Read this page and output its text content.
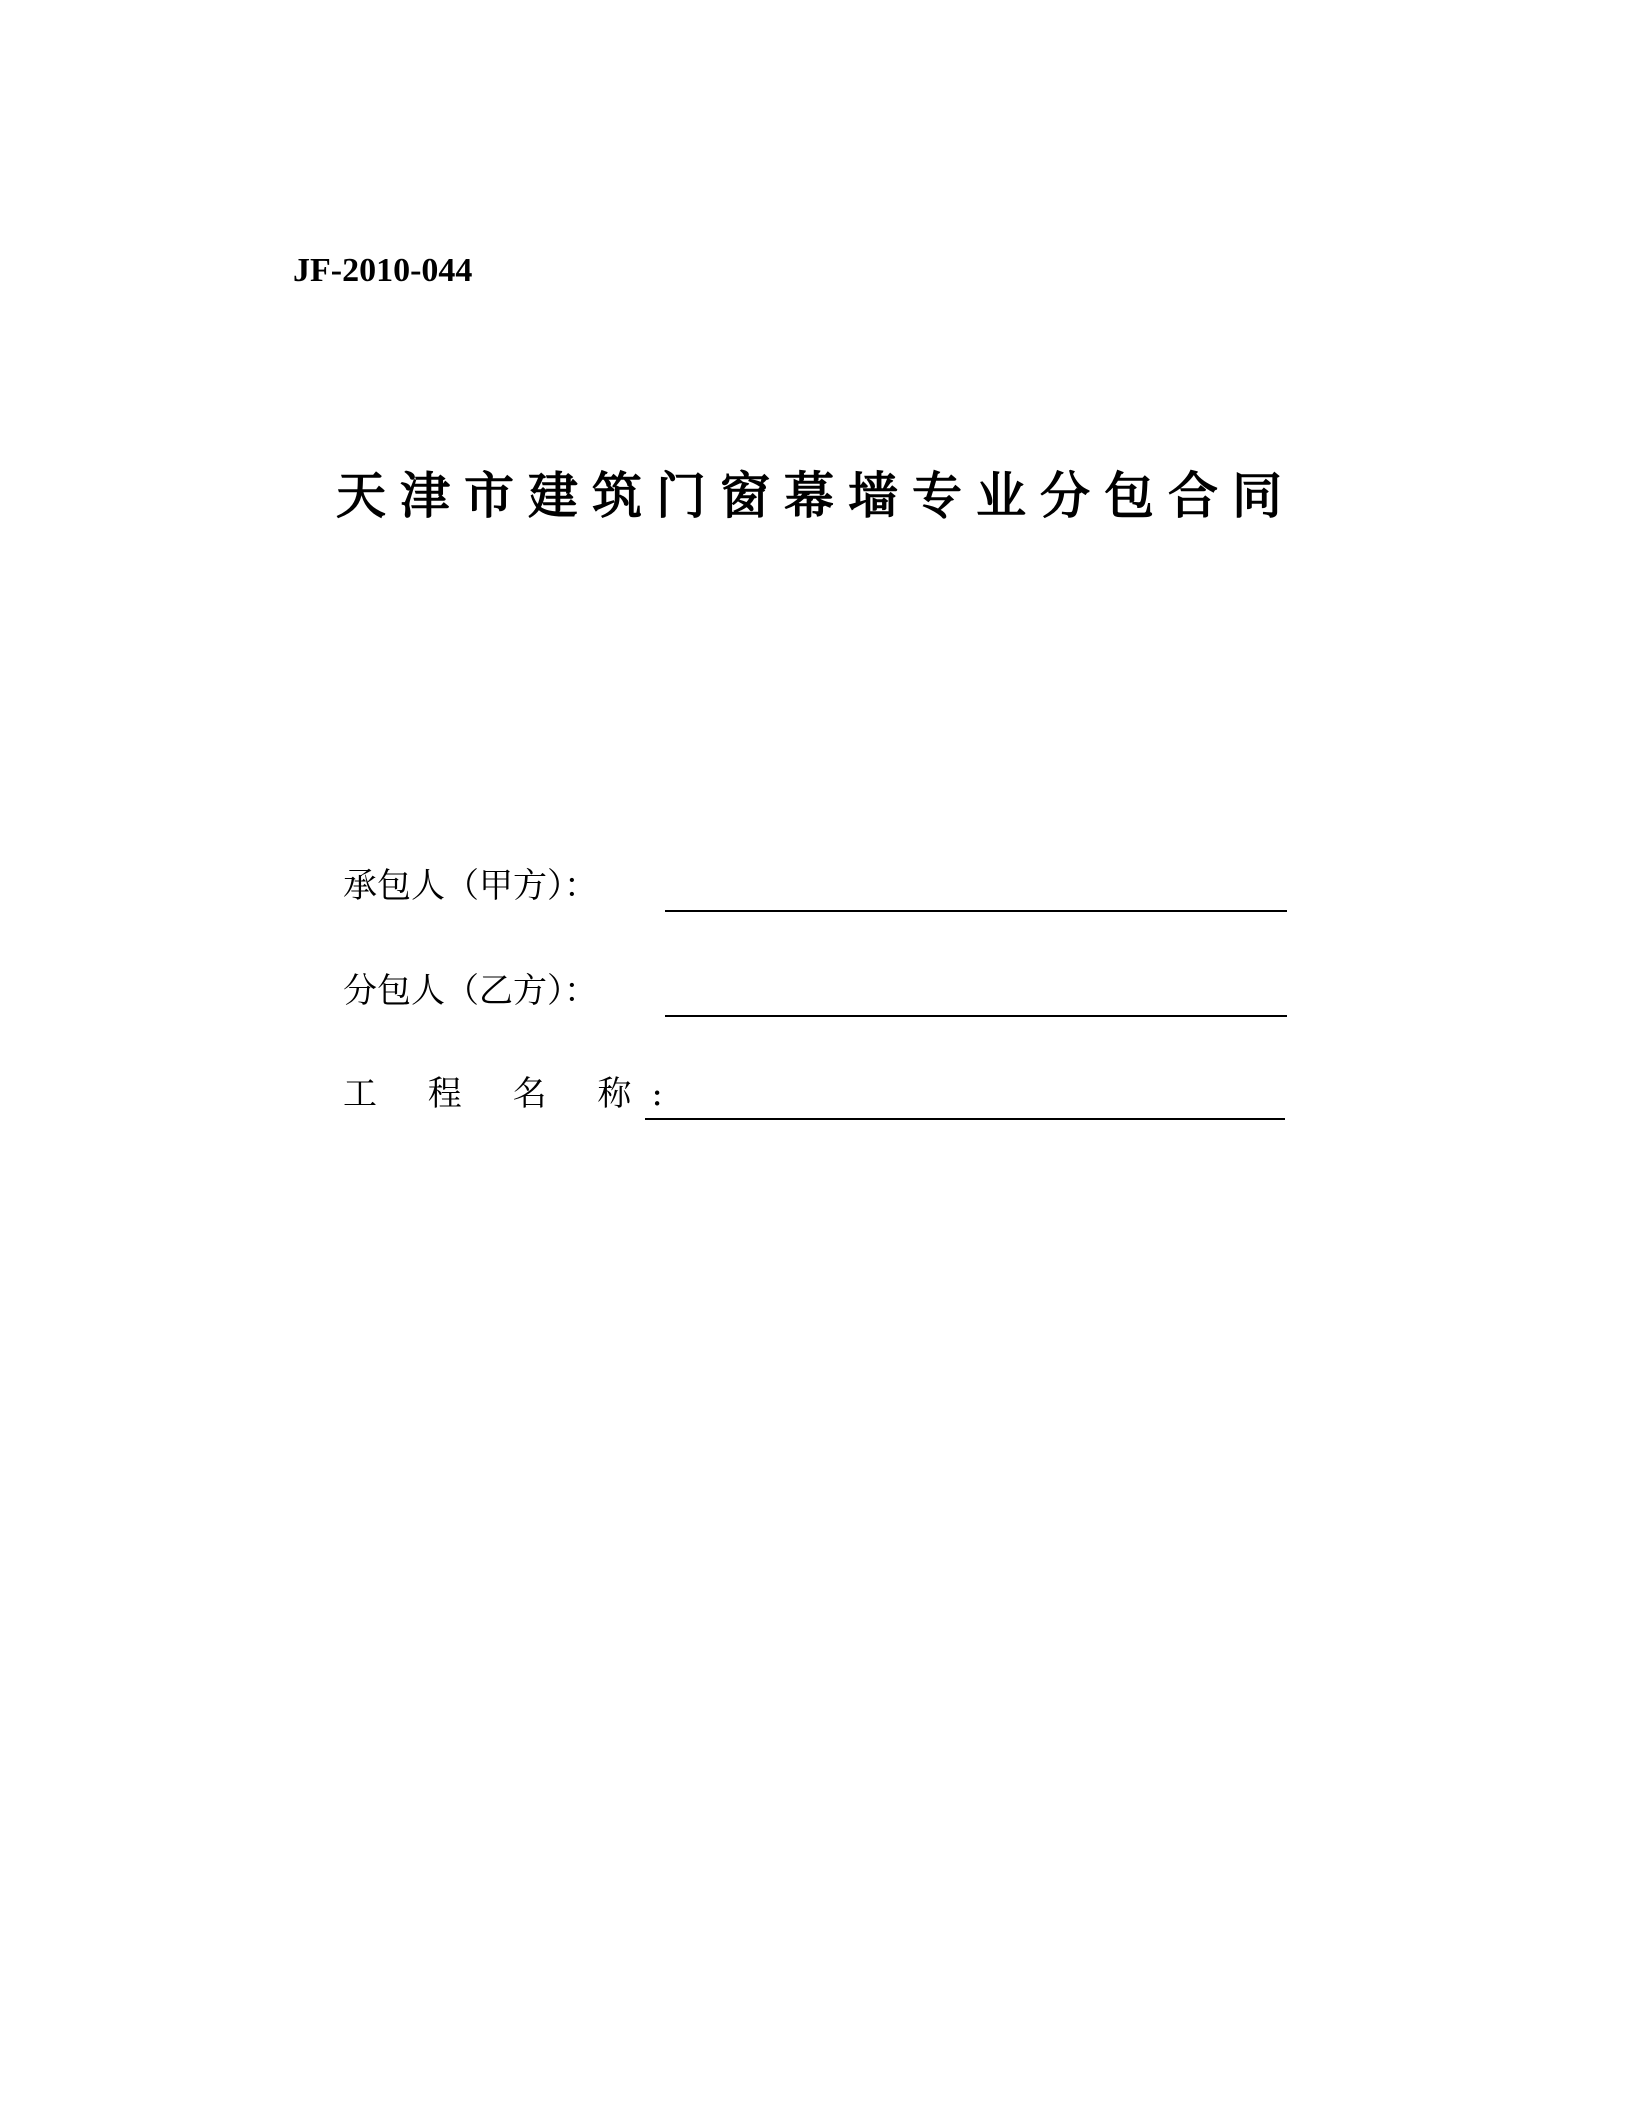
JF-2010-044
天津市建筑门窗幕墙专业分包合同
承包人（甲方）：
分包人（乙方）：
工 程 名 称:
